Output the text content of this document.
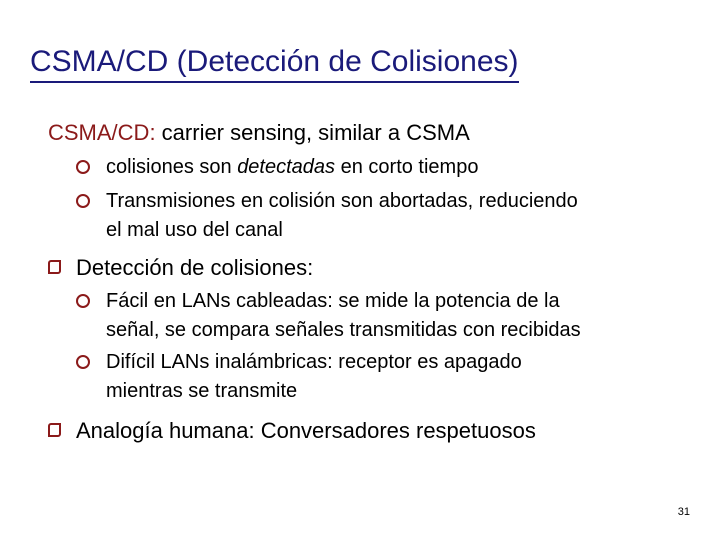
CSMA/CD (Detección de Colisiones)
CSMA/CD: carrier sensing, similar a CSMA
colisiones son detectadas en corto tiempo
Transmisiones en colisión son abortadas, reduciendo
el mal uso del canal
Detección de colisiones:
Fácil en LANs cableadas: se mide la potencia de la
señal, se compara señales transmitidas con recibidas
Difícil LANs inalámbricas: receptor es apagado
mientras se transmite
Analogía humana: Conversadores respetuosos
31
